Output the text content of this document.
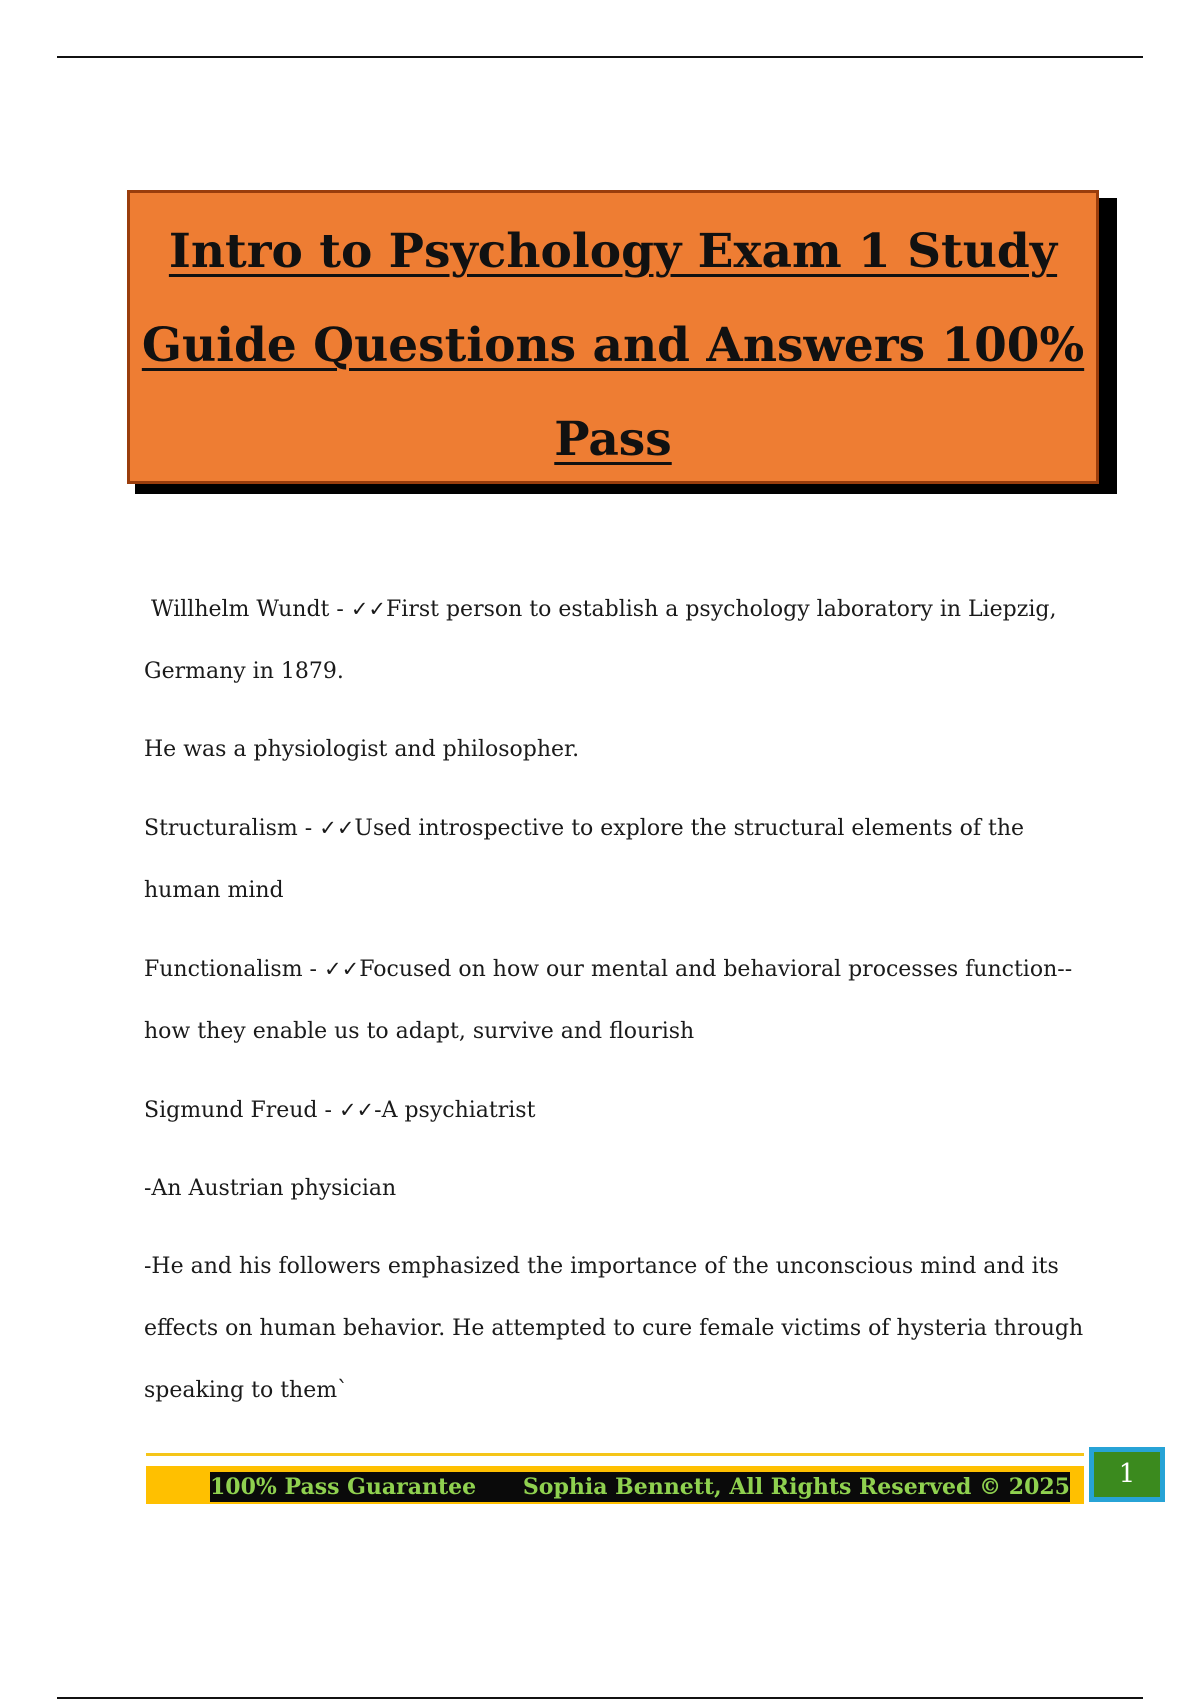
Intro to Psychology Exam 1 Study
Guide Questions and Answers 100%
Pass

Willhelm Wundt - ✓✓First person to establish a psychology laboratory in Liepzig, Germany in 1879.

He was a physiologist and philosopher.

Structuralism - ✓✓Used introspective to explore the structural elements of the human mind

Functionalism - ✓✓Focused on how our mental and behavioral processes function--how they enable us to adapt, survive and flourish

Sigmund Freud - ✓✓-A psychiatrist

-An Austrian physician

-He and his followers emphasized the importance of the unconscious mind and its effects on human behavior. He attempted to cure female victims of hysteria through speaking to them`

100% Pass Guarantee Sophia Bennett, All Rights Reserved © 2025	1
